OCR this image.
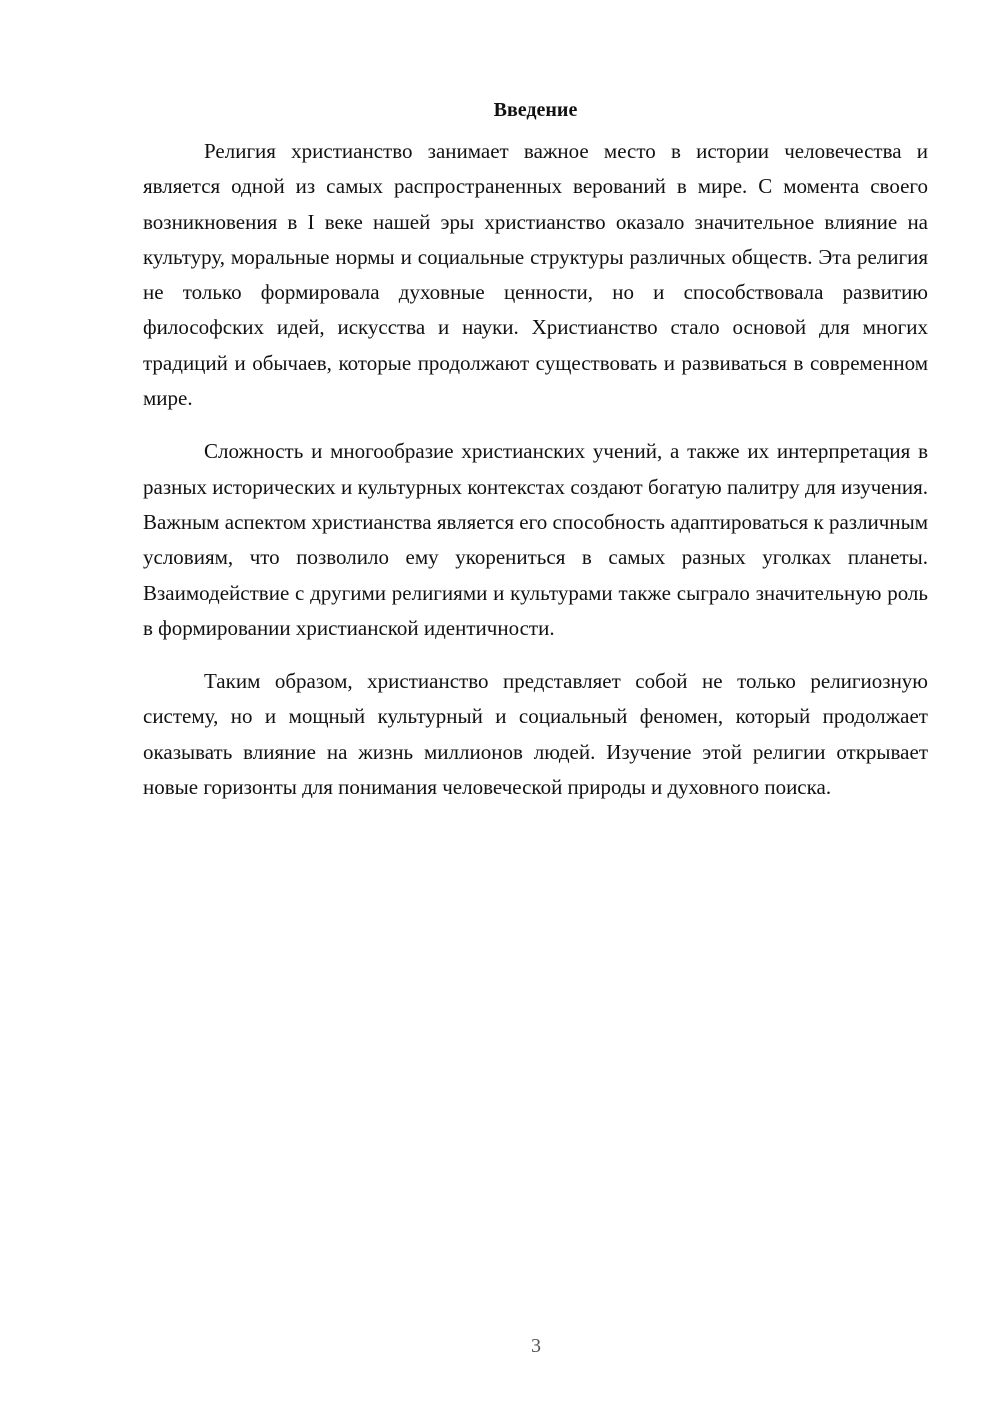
Введение

Религия христианство занимает важное место в истории человечества и является одной из самых распространенных верований в мире. С момента своего возникновения в I веке нашей эры христианство оказало значительное влияние на культуру, моральные нормы и социальные структуры различных обществ. Эта религия не только формировала духовные ценности, но и способствовала развитию философских идей, искусства и науки. Христианство стало основой для многих традиций и обычаев, которые продолжают существовать и развиваться в современном мире.

Сложность и многообразие христианских учений, а также их интерпретация в разных исторических и культурных контекстах создают богатую палитру для изучения. Важным аспектом христианства является его способность адаптироваться к различным условиям, что позволило ему укорениться в самых разных уголках планеты. Взаимодействие с другими религиями и культурами также сыграло значительную роль в формировании христианской идентичности.

Таким образом, христианство представляет собой не только религиозную систему, но и мощный культурный и социальный феномен, который продолжает оказывать влияние на жизнь миллионов людей. Изучение этой религии открывает новые горизонты для понимания человеческой природы и духовного поиска.

3
